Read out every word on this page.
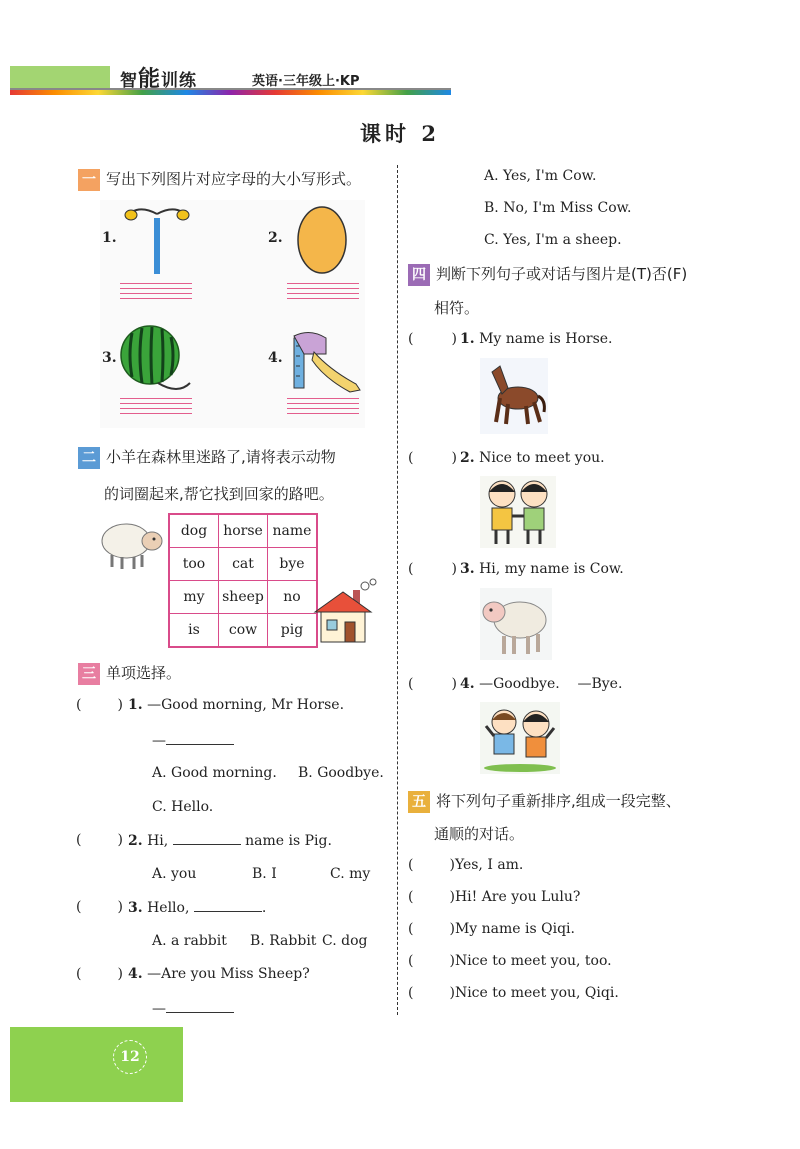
智能训练	英语·三年级上·KP
课时 2
一 写出下列图片对应字母的大小写形式。
1.	2.
3.	4.
二 小羊在森林里迷路了,请将表示动物
的词圈起来,帮它找到回家的路吧。
dog	horse	name
too	cat	bye
my	sheep	no
is	cow	pig
三 单项选择。
(	) 1. —Good morning, Mr Horse.
—
A. Good morning. B. Goodbye.
C. Hello.
(	) 2. Hi,	name is Pig.
A. you	B. I	C. my
(	) 3. Hello,	.
A. a rabbit B. Rabbit C. dog
(	) 4. —Are you Miss Sheep?
—
A. Yes, I'm Cow.
B. No, I'm Miss Cow.
C. Yes, I'm a sheep.
四 判断下列句子或对话与图片是(T)否(F)
相符。
(	) 1. My name is Horse.
(	) 2. Nice to meet you.
(	) 3. Hi, my name is Cow.
(	) 4. —Goodbye.    —Bye.
五 将下列句子重新排序,组成一段完整、
通顺的对话。
(	)Yes, I am.
(	)Hi! Are you Lulu?
(	)My name is Qiqi.
(	)Nice to meet you, too.
(	)Nice to meet you, Qiqi.
12
